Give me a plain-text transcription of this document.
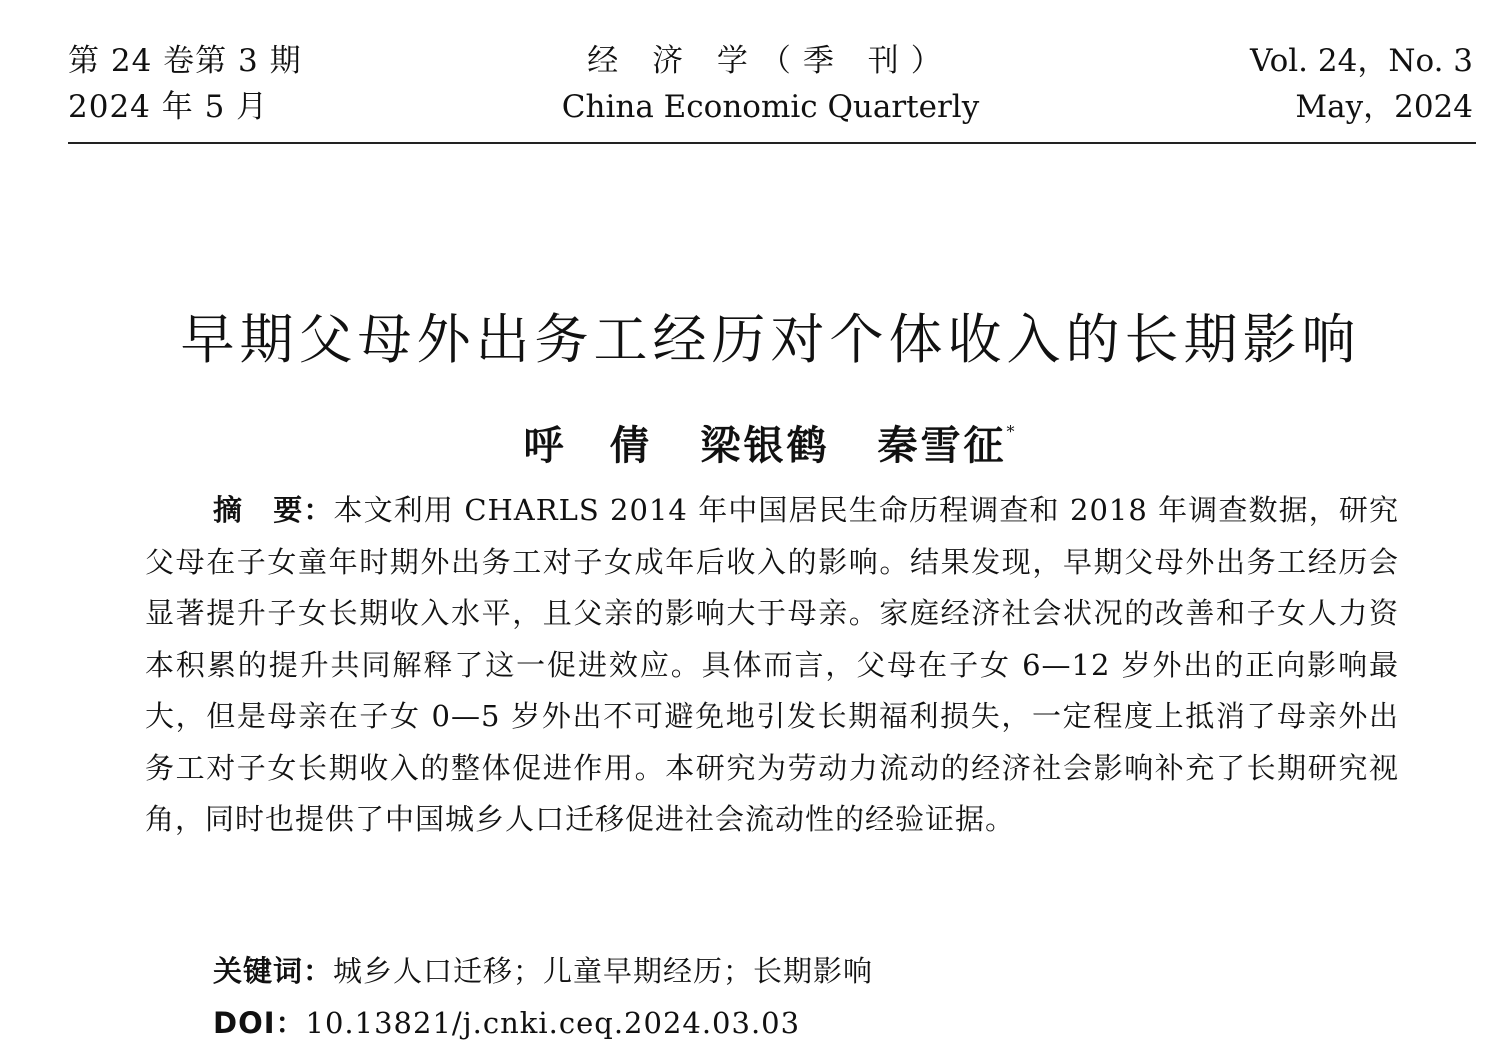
第 24 卷第 3 期
2024 年 5 月
经 济 学（季 刊）
China Economic Quarterly
Vol. 24，No. 3
May，2024
早期父母外出务工经历对个体收入的长期影响
呼　倩 梁银鹤 秦雪征*

摘　要：本文利用 CHARLS 2014 年中国居民生命历程调查和 2018 年调查数据，研究父母在子女童年时期外出务工对子女成年后收入的影响。结果发现，早期父母外出务工经历会显著提升子女长期收入水平，且父亲的影响大于母亲。家庭经济社会状况的改善和子女人力资本积累的提升共同解释了这一促进效应。具体而言，父母在子女 6—12 岁外出的正向影响最大，但是母亲在子女 0—5 岁外出不可避免地引发长期福利损失，一定程度上抵消了母亲外出务工对子女长期收入的整体促进作用。本研究为劳动力流动的经济社会影响补充了长期研究视角，同时也提供了中国城乡人口迁移促进社会流动性的经验证据。

关键词：城乡人口迁移；儿童早期经历；长期影响

DOI：10.13821/j.cnki.ceq.2024.03.03
